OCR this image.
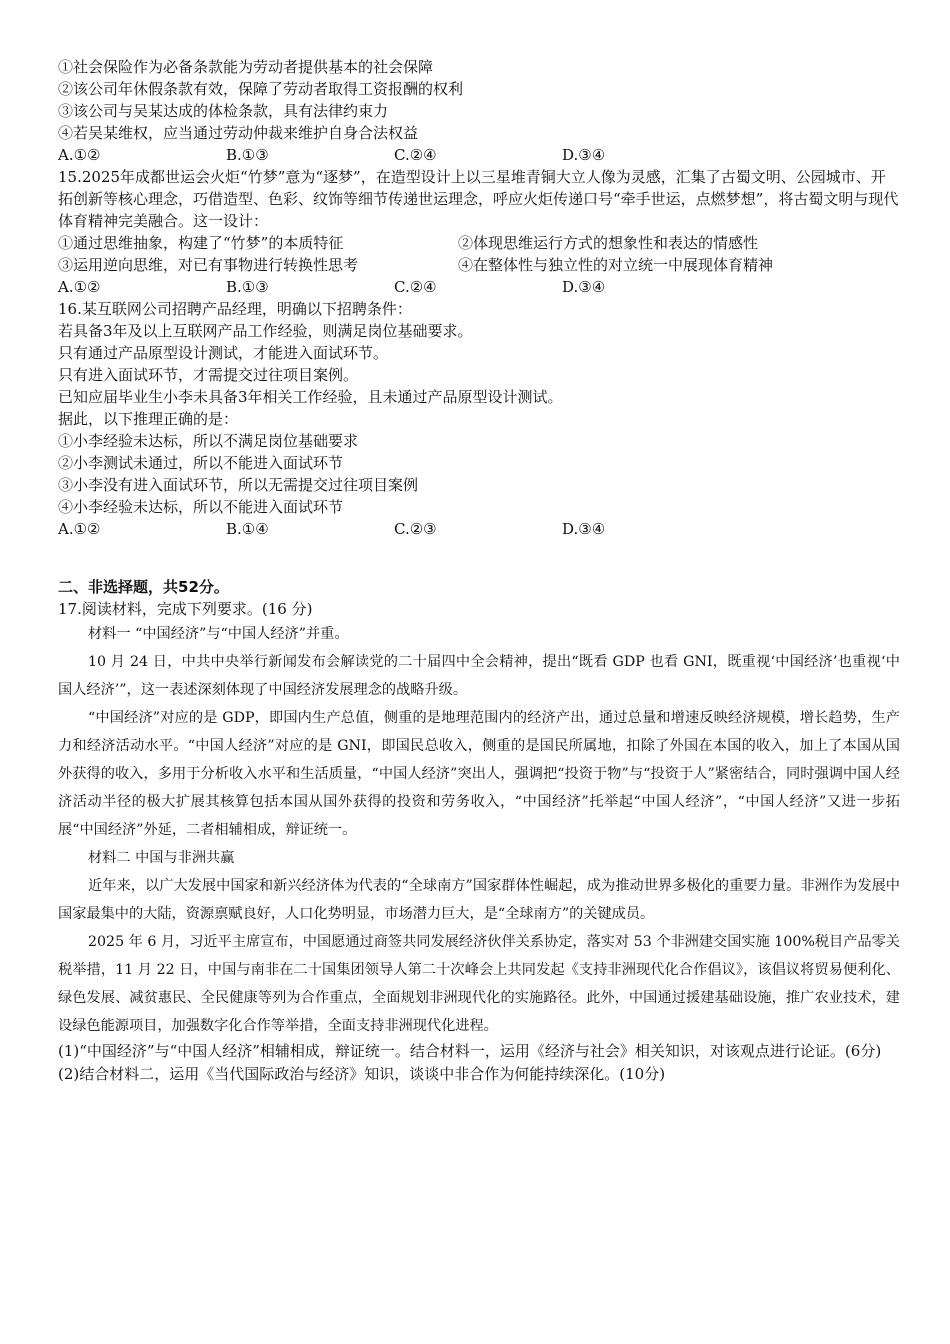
①社会保险作为必备条款能为劳动者提供基本的社会保障
②该公司年休假条款有效，保障了劳动者取得工资报酬的权利
③该公司与吴某达成的体检条款，具有法律约束力
④若吴某维权，应当通过劳动仲裁来维护自身合法权益
A.①②	B.①③	C.②④	D.③④
15.2025年成都世运会火炬“竹梦”意为“逐梦”，在造型设计上以三星堆青铜大立人像为灵感，汇集了古蜀文明、公园城市、开拓创新等核心理念，巧借造型、色彩、纹饰等细节传递世运理念，呼应火炬传递口号“牵手世运，点燃梦想”，将古蜀文明与现代体育精神完美融合。这一设计：
①通过思维抽象，构建了“竹梦”的本质特征	②体现思维运行方式的想象性和表达的情感性
③运用逆向思维，对已有事物进行转换性思考	④在整体性与独立性的对立统一中展现体育精神
A.①②	B.①③	C.②④	D.③④
16.某互联网公司招聘产品经理，明确以下招聘条件：
若具备3年及以上互联网产品工作经验，则满足岗位基础要求。
只有通过产品原型设计测试，才能进入面试环节。
只有进入面试环节，才需提交过往项目案例。
已知应届毕业生小李未具备3年相关工作经验，且未通过产品原型设计测试。
据此，以下推理正确的是：
①小李经验未达标，所以不满足岗位基础要求
②小李测试未通过，所以不能进入面试环节
③小李没有进入面试环节，所以无需提交过往项目案例
④小李经验未达标，所以不能进入面试环节
A.①②	B.①④	C.②③	D.③④
二、非选择题，共52分。
17.阅读材料，完成下列要求。(16 分)
材料一 “中国经济”与“中国人经济”并重。
10 月 24 日，中共中央举行新闻发布会解读党的二十届四中全会精神，提出“既看 GDP 也看 GNI，既重视‘中国经济’也重视‘中国人经济’”，这一表述深刻体现了中国经济发展理念的战略升级。
“中国经济”对应的是 GDP，即国内生产总值，侧重的是地理范围内的经济产出，通过总量和增速反映经济规模，增长趋势，生产力和经济活动水平。“中国人经济”对应的是 GNI，即国民总收入，侧重的是国民所属地，扣除了外国在本国的收入，加上了本国从国外获得的收入，多用于分析收入水平和生活质量，“中国人经济”突出人，强调把“投资于物”与“投资于人”紧密结合，同时强调中国人经济活动半径的极大扩展其核算包括本国从国外获得的投资和劳务收入，“中国经济”托举起“中国人经济”，“中国人经济”又进一步拓展“中国经济”外延，二者相辅相成，辩证统一。
材料二 中国与非洲共赢
近年来，以广大发展中国家和新兴经济体为代表的“全球南方”国家群体性崛起，成为推动世界多极化的重要力量。非洲作为发展中国家最集中的大陆，资源禀赋良好，人口化势明显，市场潜力巨大，是“全球南方”的关键成员。
2025 年 6 月，习近平主席宣布，中国愿通过商签共同发展经济伙伴关系协定，落实对 53 个非洲建交国实施 100%税目产品零关税举措，11 月 22 日，中国与南非在二十国集团领导人第二十次峰会上共同发起《支持非洲现代化合作倡议》，该倡议将贸易便利化、绿色发展、减贫惠民、全民健康等列为合作重点，全面规划非洲现代化的实施路径。此外，中国通过援建基础设施，推广农业技术，建设绿色能源项目，加强数字化合作等举措，全面支持非洲现代化进程。
(1)“中国经济”与“中国人经济”相辅相成，辩证统一。结合材料一，运用《经济与社会》相关知识，对该观点进行论证。(6分)
(2)结合材料二，运用《当代国际政治与经济》知识，谈谈中非合作为何能持续深化。(10分)
